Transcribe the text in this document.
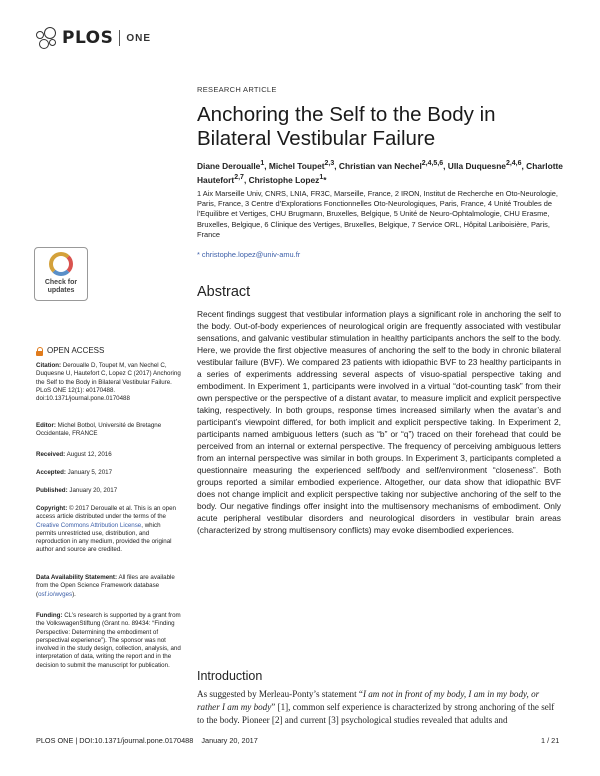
PLOS ONE
RESEARCH ARTICLE
Anchoring the Self to the Body in Bilateral Vestibular Failure
Diane Deroualle$^1$, Michel Toupet$^{2,3}$, Christian van Nechel$^{2,4,5,6}$, Ulla Duquesne$^{2,4,6}$, Charlotte Hautefort$^{2,7}$, Christophe Lopez$^1$*
1 Aix Marseille Univ, CNRS, LNIA, FR3C, Marseille, France, 2 IRON, Institut de Recherche en Oto-Neurologie, Paris, France, 3 Centre d’Explorations Fonctionnelles Oto-Neurologiques, Paris, France, 4 Unité Troubles de l’Equilibre et Vertiges, CHU Brugmann, Bruxelles, Belgique, 5 Unité de Neuro-Ophtalmologie, CHU Erasme, Bruxelles, Belgique, 6 Clinique des Vertiges, Bruxelles, Belgique, 7 Service ORL, Hôpital Lariboisière, Paris, France
* christophe.lopez@univ-amu.fr
Check for
updates	Abstract
Recent findings suggest that vestibular information plays a significant role in anchoring the self to the body. Out-of-body experiences of neurological origin are frequently associated with vestibular sensations, and galvanic vestibular stimulation in healthy participants anchors the self to the body. Here, we provide the first objective measures of anchoring the self to the body in chronic bilateral vestibular failure (BVF). We compared 23 patients with idiopathic BVF to 23 healthy participants in a series of experiments addressing several aspects of visuo-spatial perspective taking and embodiment. In Experiment 1, participants were involved in a virtual “dot-counting task” from their own perspective or the perspective of a distant avatar, to measure implicit and explicit perspective taking, respectively. In both groups, response times increased similarly when the avatar’s and participant’s viewpoint differed, for both implicit and explicit perspective taking. In Experiment 2, participants named ambiguous letters (such as “b” or “q”) traced on their forehead that could be perceived from an internal or external perspective. The frequency of perceiving ambiguous letters from an internal perspective was similar in both groups. In Experiment 3, participants completed a questionnaire measuring the experienced self/body and self/environment “closeness”. Both groups reported a similar embodied experience. Altogether, our data show that idiopathic BVF does not change implicit and explicit perspective taking nor subjective anchoring of the self to the body. Our negative findings offer insight into the multisensory mechanisms of embodiment. Only acute peripheral vestibular disorders and neurological disorders in vestibular brain areas (characterized by strong multisensory conflicts) may evoke disembodied experiences.
OPEN ACCESS
Citation: Deroualle D, Toupet M, van Nechel C, Duquesne U, Hautefort C, Lopez C (2017) Anchoring the Self to the Body in Bilateral Vestibular Failure. PLoS ONE 12(1): e0170488. doi:10.1371/journal.pone.0170488
Editor: Michel Botbol, Université de Bretagne Occidentale, FRANCE
Received: August 12, 2016
Accepted: January 5, 2017
Published: January 20, 2017
Copyright: © 2017 Deroualle et al. This is an open access article distributed under the terms of the Creative Commons Attribution License, which permits unrestricted use, distribution, and reproduction in any medium, provided the original author and source are credited.
Data Availability Statement: All files are available from the Open Science Framework database (osf.io/wvges).
Funding: CL’s research is supported by a grant from the VolkswagenStiftung (Grant no. 89434: “Finding Perspective: Determining the embodiment of perspectival experience”). The sponsor was not involved in the study design, collection, analysis, and interpretation of data, writing the report and in the decision to submit the manuscript for publication.
Introduction
As suggested by Merleau-Ponty’s statement “I am not in front of my body, I am in my body, or rather I am my body” [1], common self experience is characterized by strong anchoring of the self to the body. Pioneer [2] and current [3] psychological studies revealed that adults and
PLOS ONE | DOI:10.1371/journal.pone.0170488    January 20, 2017	1 / 21
